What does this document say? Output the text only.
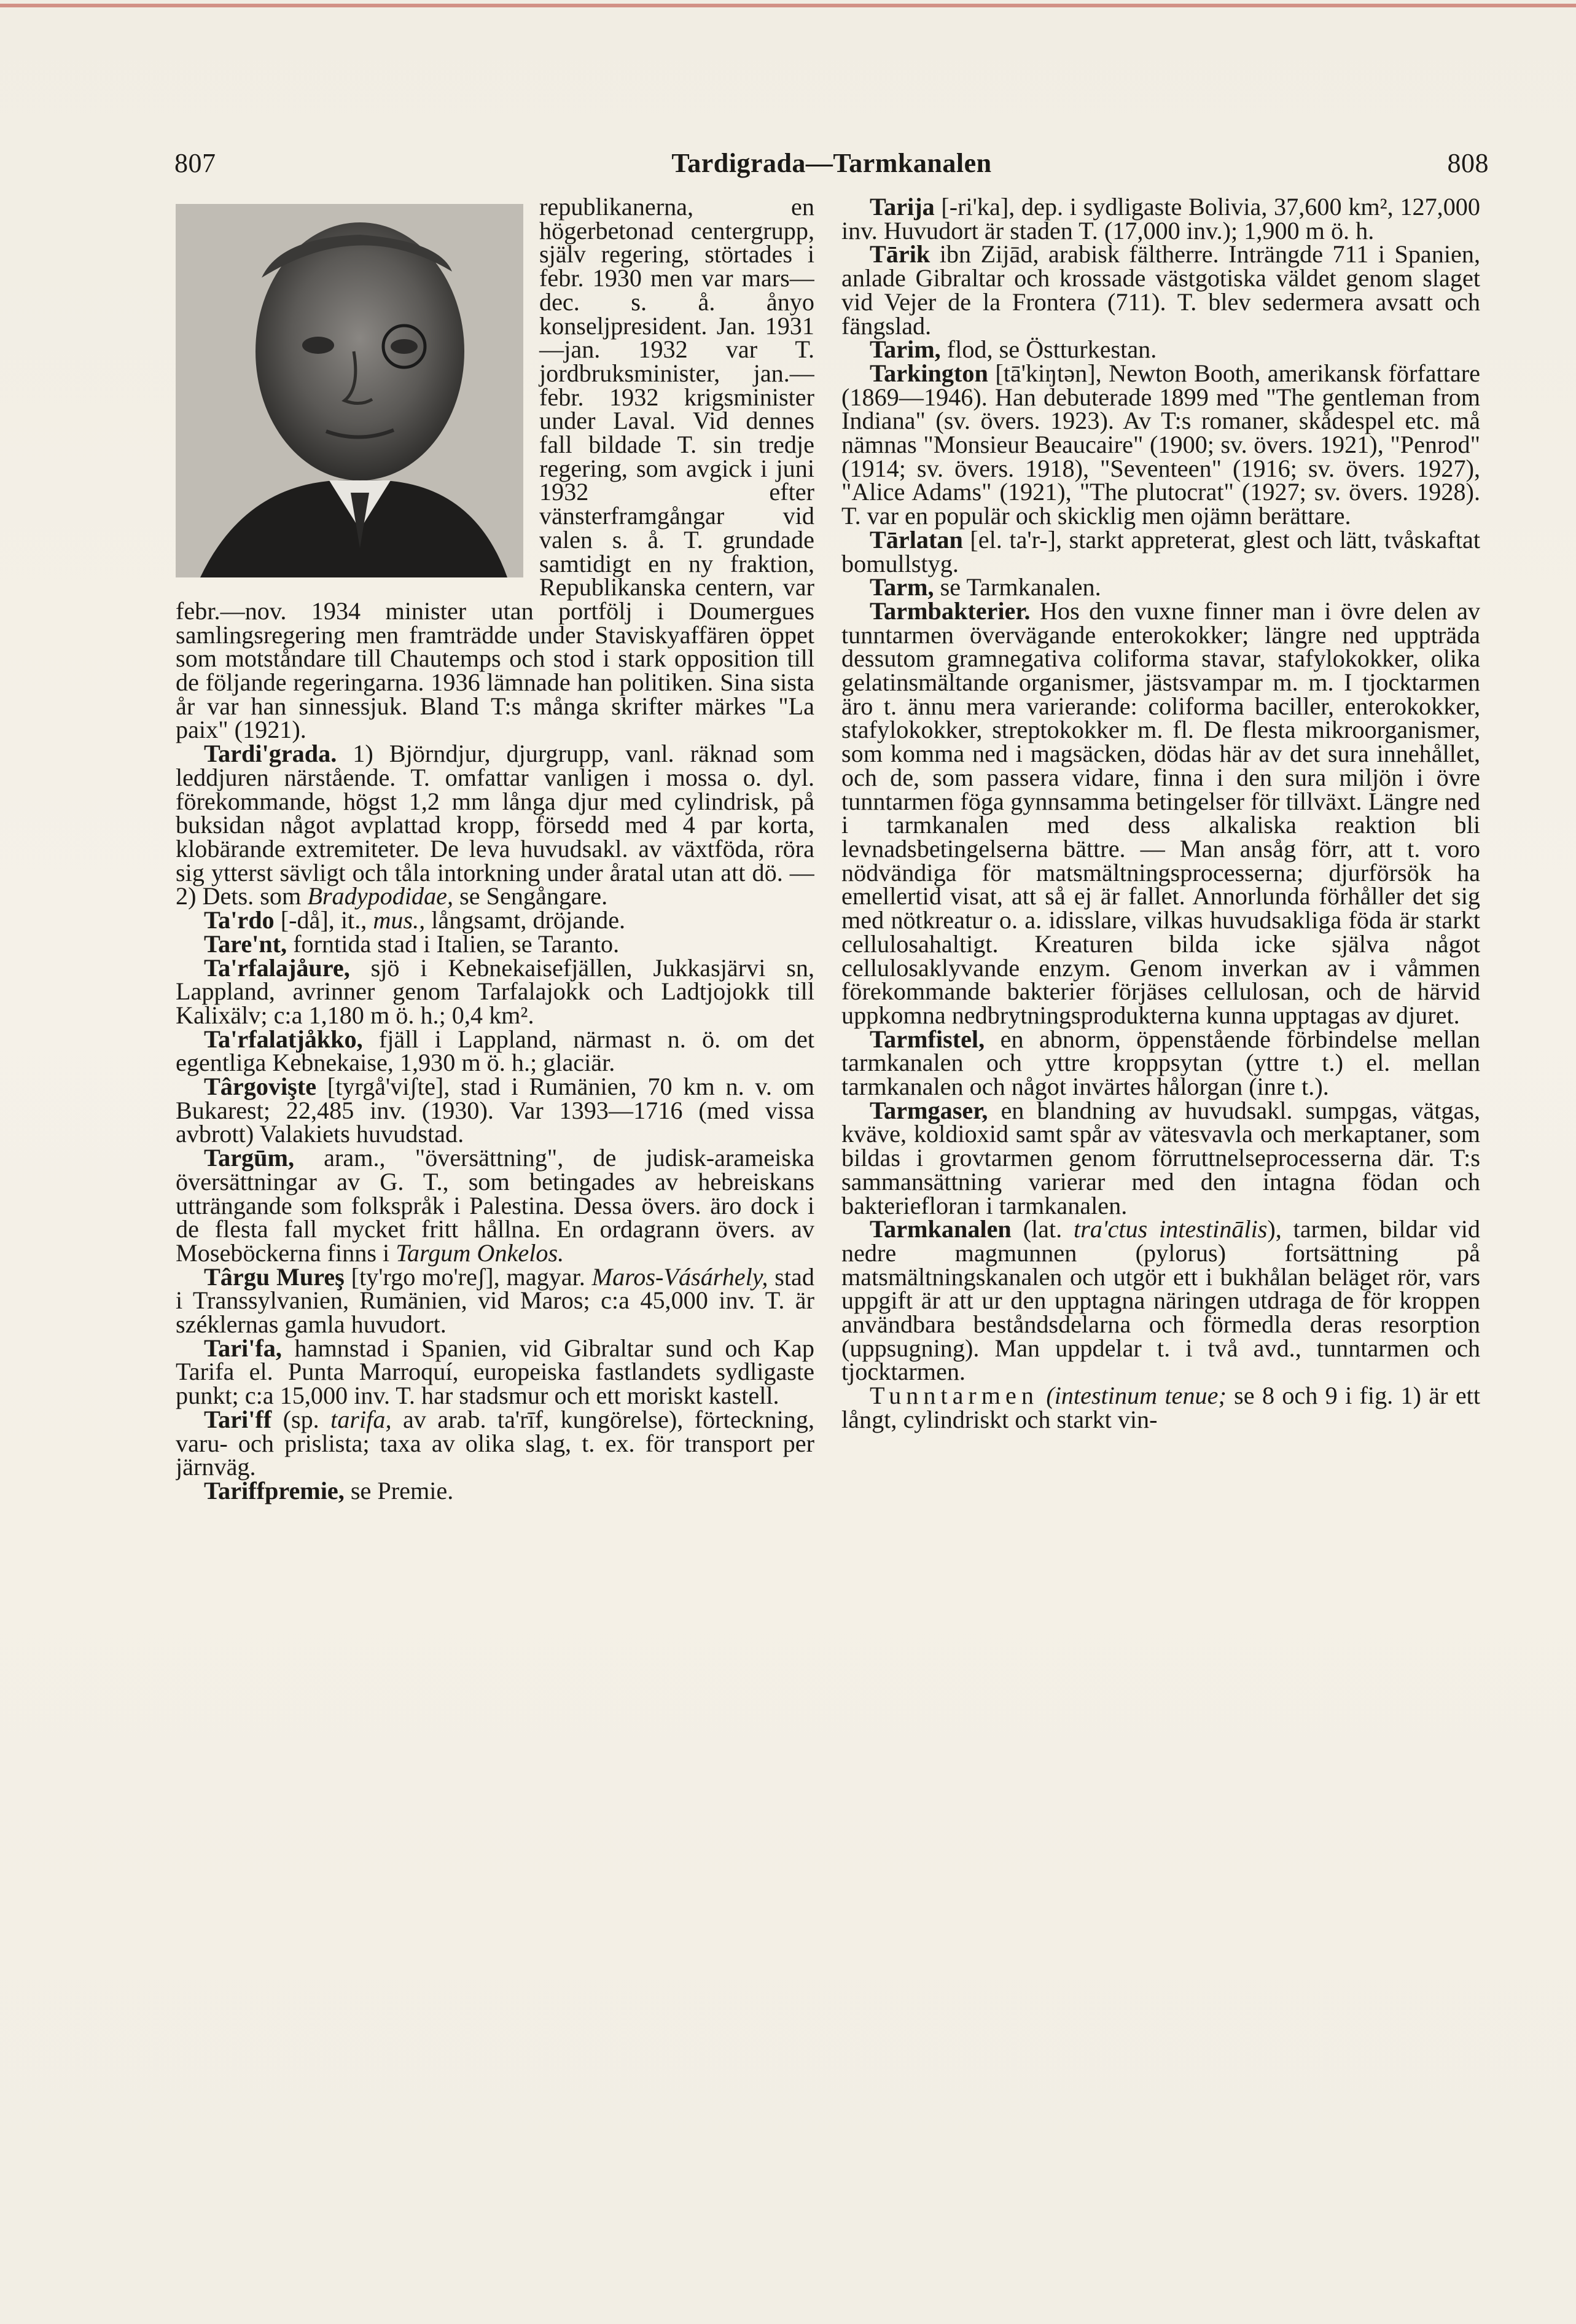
807	Tardigrada—Tarmkanalen	808

republikanerna, en högerbetonad centergrupp, själv regering, störtades i febr. 1930 men var mars—dec. s. å. ånyo konseljpresident. Jan. 1931 —jan. 1932 var T. jordbruksminister, jan.—febr. 1932 krigsminister under Laval. Vid dennes fall bildade T. sin tredje regering, som avgick i juni 1932 efter vänsterframgångar vid valen s. å. T. grundade samtidigt en ny fraktion, Republikanska centern, var febr.—nov. 1934 minister utan portfölj i Doumergues samlingsregering men framträdde under Staviskyaffären öppet som motståndare till Chautemps och stod i stark opposition till de följande regeringarna. 1936 lämnade han politiken. Sina sista år var han sinnessjuk. Bland T:s många skrifter märkes "La paix" (1921).

Tardi'grada. 1) Björndjur, djurgrupp, vanl. räknad som leddjuren närstående. T. omfattar vanligen i mossa o. dyl. förekommande, högst 1,2 mm långa djur med cylindrisk, på buksidan något avplattad kropp, försedd med 4 par korta, klobärande extremiteter. De leva huvudsakl. av växtföda, röra sig ytterst sävligt och tåla intorkning under åratal utan att dö. — 2) Dets. som Bradypodidae, se Sengångare.

Ta'rdo [-då], it., mus., långsamt, dröjande.

Tare'nt, forntida stad i Italien, se Taranto.

Ta'rfalajåure, sjö i Kebnekaisefjällen, Jukkasjärvi sn, Lappland, avrinner genom Tarfalajokk och Ladtjojokk till Kalixälv; c:a 1,180 m ö. h.; 0,4 km².

Ta'rfalatjåkko, fjäll i Lappland, närmast n. ö. om det egentliga Kebnekaise, 1,930 m ö. h.; glaciär.

Târgovişte [tyrgå'viʃte], stad i Rumänien, 70 km n. v. om Bukarest; 22,485 inv. (1930). Var 1393—1716 (med vissa avbrott) Valakiets huvudstad.

Targūm, aram., "översättning", de judisk-arameiska översättningar av G. T., som betingades av hebreiskans utträngande som folkspråk i Palestina. Dessa övers. äro dock i de flesta fall mycket fritt hållna. En ordagrann övers. av Moseböckerna finns i Targum Onkelos.

Târgu Mureş [ty'rgo mo'reʃ], magyar. Maros-Vásárhely, stad i Transsylvanien, Rumänien, vid Maros; c:a 45,000 inv. T. är széklernas gamla huvudort.

Tari'fa, hamnstad i Spanien, vid Gibraltar sund och Kap Tarifa el. Punta Marroquí, europeiska fastlandets sydligaste punkt; c:a 15,000 inv. T. har stadsmur och ett moriskt kastell.

Tari'ff (sp. tarifa, av arab. ta'rīf, kungörelse), förteckning, varu- och prislista; taxa av olika slag, t. ex. för transport per järnväg.

Tariffpremie, se Premie.

Tarija [-ri'ka], dep. i sydligaste Bolivia, 37,600 km², 127,000 inv. Huvudort är staden T. (17,000 inv.); 1,900 m ö. h.

Tārik ibn Zijād, arabisk fältherre. Inträngde 711 i Spanien, anlade Gibraltar och krossade västgotiska väldet genom slaget vid Vejer de la Frontera (711). T. blev sedermera avsatt och fängslad.

Tarim, flod, se Östturkestan.

Tarkington [tā'kiŋtən], Newton Booth, amerikansk författare (1869—1946). Han debuterade 1899 med "The gentleman from Indiana" (sv. övers. 1923). Av T:s romaner, skådespel etc. må nämnas "Monsieur Beaucaire" (1900; sv. övers. 1921), "Penrod" (1914; sv. övers. 1918), "Seventeen" (1916; sv. övers. 1927), "Alice Adams" (1921), "The plutocrat" (1927; sv. övers. 1928). T. var en populär och skicklig men ojämn berättare.

Tārlatan [el. ta'r-], starkt appreterat, glest och lätt, tvåskaftat bomullstyg.

Tarm, se Tarmkanalen.

Tarmbakterier. Hos den vuxne finner man i övre delen av tunntarmen övervägande enterokokker; längre ned uppträda dessutom gramnegativa coliforma stavar, stafylokokker, olika gelatinsmältande organismer, jästsvampar m. m. I tjocktarmen äro t. ännu mera varierande: coliforma baciller, enterokokker, stafylokokker, streptokokker m. fl. De flesta mikroorganismer, som komma ned i magsäcken, dödas här av det sura innehållet, och de, som passera vidare, finna i den sura miljön i övre tunntarmen föga gynnsamma betingelser för tillväxt. Längre ned i tarmkanalen med dess alkaliska reaktion bli levnadsbetingelserna bättre. — Man ansåg förr, att t. voro nödvändiga för matsmältningsprocesserna; djurförsök ha emellertid visat, att så ej är fallet. Annorlunda förhåller det sig med nötkreatur o. a. idisslare, vilkas huvudsakliga föda är starkt cellulosahaltigt. Kreaturen bilda icke själva något cellulosaklyvande enzym. Genom inverkan av i våmmen förekommande bakterier förjäses cellulosan, och de härvid uppkomna nedbrytningsprodukterna kunna upptagas av djuret.

Tarmfistel, en abnorm, öppenstående förbindelse mellan tarmkanalen och yttre kroppsytan (yttre t.) el. mellan tarmkanalen och något invärtes hålorgan (inre t.).

Tarmgaser, en blandning av huvudsakl. sumpgas, vätgas, kväve, koldioxid samt spår av vätesvavla och merkaptaner, som bildas i grovtarmen genom förruttnelseprocesserna där. T:s sammansättning varierar med den intagna födan och bakteriefloran i tarmkanalen.

Tarmkanalen (lat. tra'ctus intestinālis), tarmen, bildar vid nedre magmunnen (pylorus) fortsättning på matsmältningskanalen och utgör ett i bukhålan beläget rör, vars uppgift är att ur den upptagna näringen utdraga de för kroppen användbara beståndsdelarna och förmedla deras resorption (uppsugning). Man uppdelar t. i två avd., tunntarmen och tjocktarmen.

Tunntarmen (intestinum tenue; se 8 och 9 i fig. 1) är ett långt, cylindriskt och starkt vin-
